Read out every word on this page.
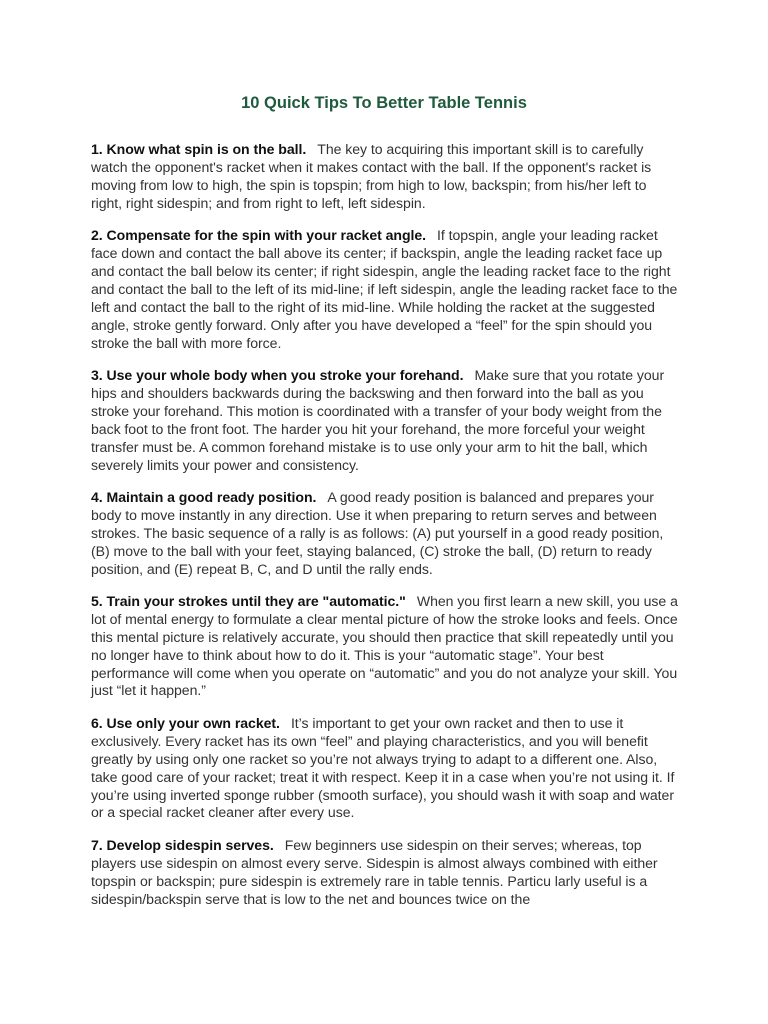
10 Quick Tips To Better Table Tennis

1. Know what spin is on the ball. The key to acquiring this important skill is to carefully watch the opponent's racket when it makes contact with the ball. If the opponent's racket is moving from low to high, the spin is topspin; from high to low, backspin; from his/her left to right, right sidespin; and from right to left, left sidespin.

2. Compensate for the spin with your racket angle. If topspin, angle your leading racket face down and contact the ball above its center; if backspin, angle the leading racket face up and contact the ball below its center; if right sidespin, angle the leading racket face to the right and contact the ball to the left of its mid-line; if left sidespin, angle the leading racket face to the left and contact the ball to the right of its mid-line. While holding the racket at the suggested angle, stroke gently forward. Only after you have developed a “feel” for the spin should you stroke the ball with more force.

3. Use your whole body when you stroke your forehand. Make sure that you rotate your hips and shoulders backwards during the backswing and then forward into the ball as you stroke your forehand. This motion is coordinated with a transfer of your body weight from the back foot to the front foot. The harder you hit your forehand, the more forceful your weight transfer must be. A common forehand mistake is to use only your arm to hit the ball, which severely limits your power and consistency.

4. Maintain a good ready position. A good ready position is balanced and prepares your body to move instantly in any direction. Use it when preparing to return serves and between strokes. The basic sequence of a rally is as follows: (A) put yourself in a good ready position, (B) move to the ball with your feet, staying balanced, (C) stroke the ball, (D) return to ready position, and (E) repeat B, C, and D until the rally ends.

5. Train your strokes until they are "automatic." When you first learn a new skill, you use a lot of mental energy to formulate a clear mental picture of how the stroke looks and feels. Once this mental picture is relatively accurate, you should then practice that skill repeatedly until you no longer have to think about how to do it. This is your “automatic stage”. Your best performance will come when you operate on “automatic” and you do not analyze your skill. You just “let it happen.”

6. Use only your own racket. It’s important to get your own racket and then to use it exclusively. Every racket has its own “feel” and playing characteristics, and you will benefit greatly by using only one racket so you’re not always trying to adapt to a different one. Also, take good care of your racket; treat it with respect. Keep it in a case when you’re not using it. If you’re using inverted sponge rubber (smooth surface), you should wash it with soap and water or a special racket cleaner after every use.

7. Develop sidespin serves. Few beginners use sidespin on their serves; whereas, top players use sidespin on almost every serve. Sidespin is almost always combined with either topspin or backspin; pure sidespin is extremely rare in table tennis. Particu larly useful is a sidespin/backspin serve that is low to the net and bounces twice on the
